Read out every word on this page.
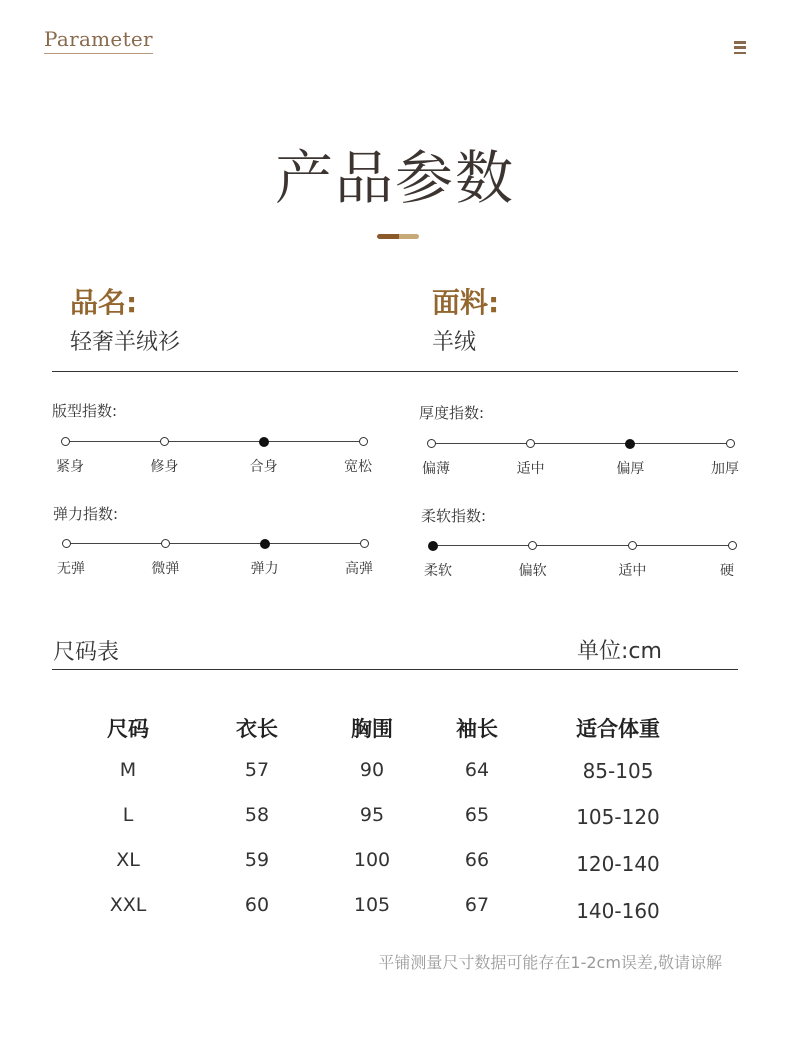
Parameter
产品参数
品名:
轻奢羊绒衫
面料:
羊绒
版型指数:
紧身	修身	合身	宽松
厚度指数:
偏薄	适中	偏厚	加厚
弹力指数:
无弹	微弹	弹力	高弹
柔软指数:
柔软	偏软	适中	硬
尺码表	单位:cm
尺码	衣长	胸围	袖长	适合体重
M	57	90	64	85-105
L	58	95	65	105-120
XL	59	100	66	120-140
XXL	60	105	67	140-160
平铺测量尺寸数据可能存在1-2cm误差,敬请谅解
